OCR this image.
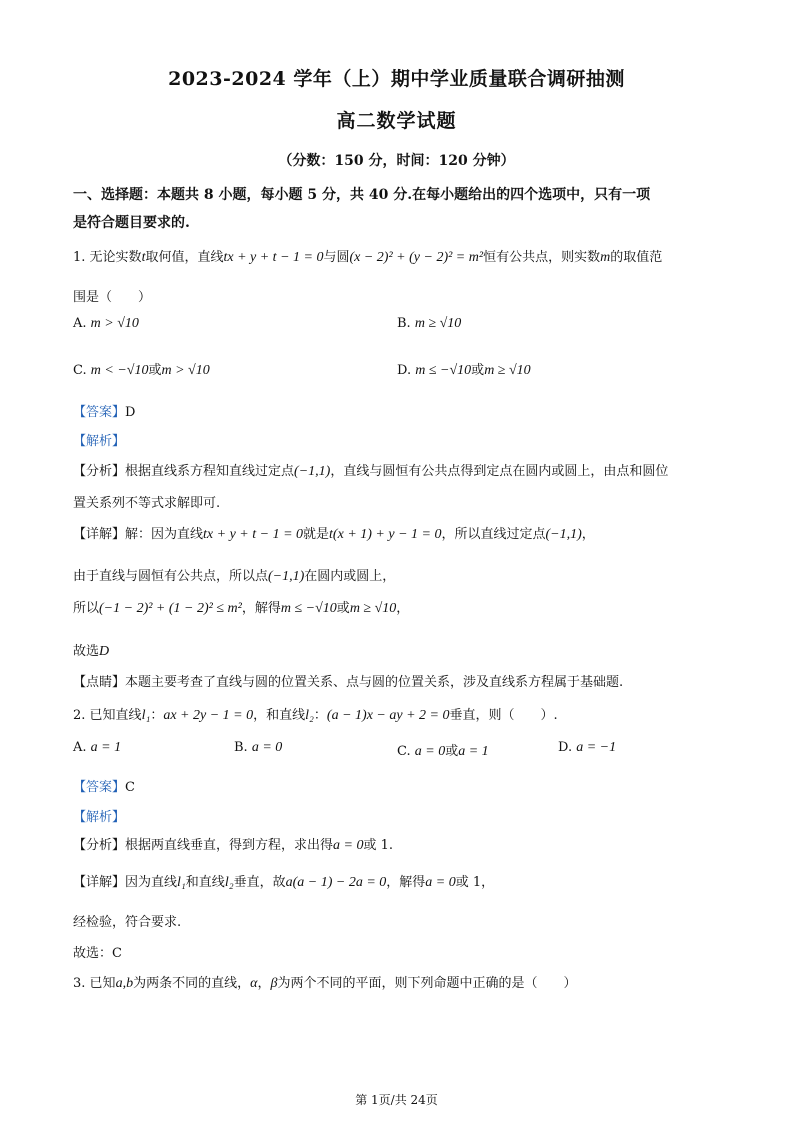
2023-2024 学年（上）期中学业质量联合调研抽测
高二数学试题
（分数：150 分，时间：120 分钟）
一、选择题：本题共 8 小题，每小题 5 分，共 40 分.在每小题给出的四个选项中，只有一项
是符合题目要求的.
1. 无论实数t取何值，直线tx + y + t − 1 = 0与圆(x − 2)² + (y − 2)² = m²恒有公共点，则实数m的取值范
围是（　　）
A. m > √10	B. m ≥ √10
C. m < −√10或m > √10	D. m ≤ −√10或m ≥ √10
【答案】D
【解析】
【分析】根据直线系方程知直线过定点(−1,1)，直线与圆恒有公共点得到定点在圆内或圆上，由点和圆位
置关系列不等式求解即可.
【详解】解：因为直线tx + y + t − 1 = 0就是t(x + 1) + y − 1 = 0，所以直线过定点(−1,1)，
由于直线与圆恒有公共点，所以点(−1,1)在圆内或圆上，
所以(−1 − 2)² + (1 − 2)² ≤ m²，解得m ≤ −√10或m ≥ √10，
故选D
【点睛】本题主要考查了直线与圆的位置关系、点与圆的位置关系，涉及直线系方程属于基础题.
2. 已知直线l₁：ax + 2y − 1 = 0，和直线l₂：(a − 1)x − ay + 2 = 0垂直，则（　　）.
A. a = 1	B. a = 0	C. a = 0或a = 1	D. a = −1
【答案】C
【解析】
【分析】根据两直线垂直，得到方程，求出得a = 0或 1.
【详解】因为直线l₁和直线l₂垂直，故a(a − 1) − 2a = 0，解得a = 0或 1，
经检验，符合要求.
故选：C
3. 已知a,b为两条不同的直线，α，β为两个不同的平面，则下列命题中正确的是（　　）
第 1页/共 24页
